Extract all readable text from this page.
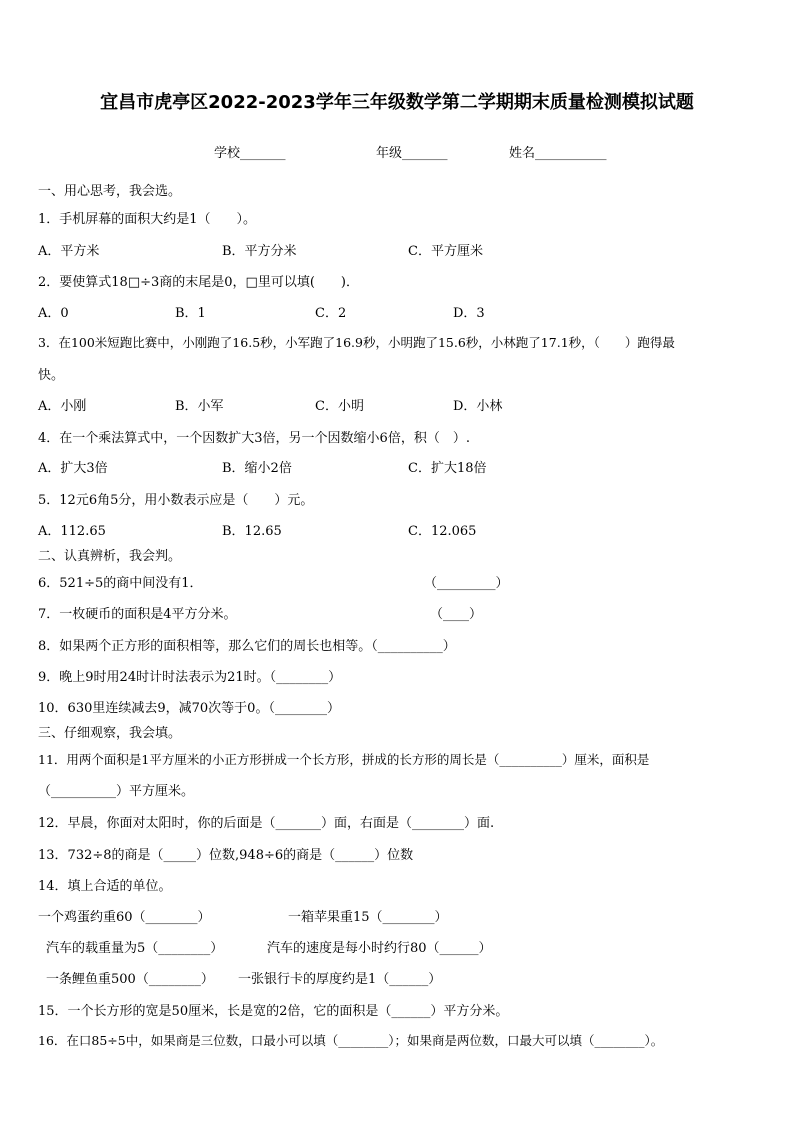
宜昌市虎亭区2022-2023学年三年级数学第二学期期末质量检测模拟试题
学校_______	年级_______	姓名___________
一、用心思考，我会选。
1．手机屏幕的面积大约是1（　　）。
A．平方米	B．平方分米	C．平方厘米
2．要使算式18□÷3商的末尾是0，□里可以填(　　)．
A．0	B．1	C．2	D．3
3．在100米短跑比赛中，小刚跑了16.5秒，小军跑了16.9秒，小明跑了15.6秒，小林跑了17.1秒，（　　）跑得最
快。
A．小刚	B．小军	C．小明	D．小林
4．在一个乘法算式中，一个因数扩大3倍，另一个因数缩小6倍，积（　）.
A．扩大3倍	B．缩小2倍	C．扩大18倍
5．12元6角5分，用小数表示应是（　　）元。
A．112.65	B．12.65	C．12.065
二、认真辨析，我会判。
6．521÷5的商中间没有1．	（_________）
7．一枚硬币的面积是4平方分米。	（____）
8．如果两个正方形的面积相等，那么它们的周长也相等。（__________）
9．晚上9时用24时计时法表示为21时。（________）
10．630里连续减去9，减70次等于0。（________）
三、仔细观察，我会填。
11．用两个面积是1平方厘米的小正方形拼成一个长方形，拼成的长方形的周长是（__________）厘米，面积是
（__________）平方厘米。
12．早晨，你面对太阳时，你的后面是（_______）面，右面是（________）面.
13．732÷8的商是（_____）位数,948÷6的商是（______）位数
14．填上合适的单位。
一个鸡蛋约重60（________）	一箱苹果重15（________）
汽车的载重量为5（________）	汽车的速度是每小时约行80（______）
一条鲤鱼重500（________） 一张银行卡的厚度约是1（______）
15．一个长方形的宽是50厘米，长是宽的2倍，它的面积是（______）平方分米。
16．在口85÷5中，如果商是三位数，口最小可以填（________）；如果商是两位数，口最大可以填（________）。
